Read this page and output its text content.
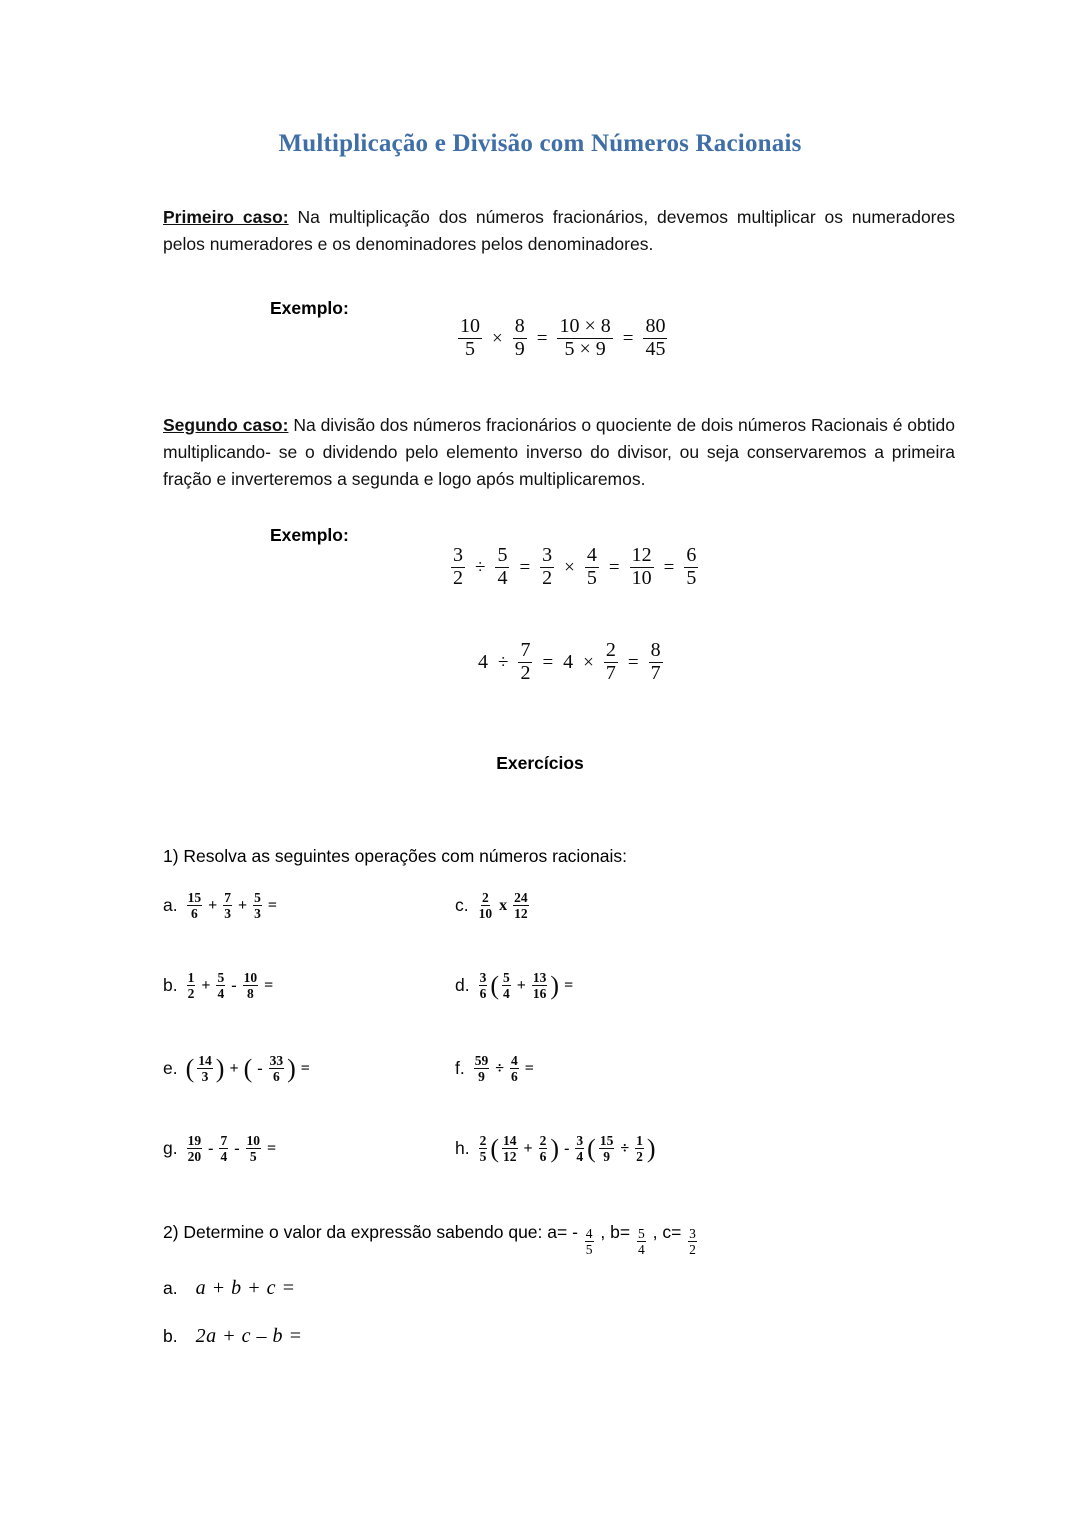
Multiplicação e Divisão com Números Racionais
Primeiro caso: Na multiplicação dos números fracionários, devemos multiplicar os numeradores pelos numeradores e os denominadores pelos denominadores.
Exemplo:
$\frac{10}{5} \times \frac{8}{9} = \frac{10 \times 8}{5 \times 9} = \frac{80}{45}$
Segundo caso: Na divisão dos números fracionários o quociente de dois números Racionais é obtido multiplicando- se o dividendo pelo elemento inverso do divisor, ou seja conservaremos a primeira fração e inverteremos a segunda e logo após multiplicaremos.
Exemplo:
$\frac{3}{2} \div \frac{5}{4} = \frac{3}{2} \times \frac{4}{5} = \frac{12}{10} = \frac{6}{5}$
$4 \div \frac{7}{2} = 4 \times \frac{2}{7} = \frac{8}{7}$
Exercícios
1) Resolva as seguintes operações com números racionais:
a. $\frac{15}{6} + \frac{7}{3} + \frac{5}{3}$ =	c. $\frac{2}{10}$ x $\frac{24}{12}$
b. $\frac{1}{2} + \frac{5}{4} - \frac{10}{8}$ =	d. $\frac{3}{6}$ ( $\frac{5}{4} + \frac{13}{16}$ ) =
e. ( $\frac{14}{3}$ ) + ( - $\frac{33}{6}$ ) =	f. $\frac{59}{9} \div \frac{4}{6}$ =
g. $\frac{19}{20} - \frac{7}{4} - \frac{10}{5}$ =	h. $\frac{2}{5}$ ( $\frac{14}{12} + \frac{2}{6}$ ) - $\frac{3}{4}$ ( $\frac{15}{9} \div \frac{1}{2}$ )
2) Determine o valor da expressão sabendo que: $a= - \frac{4}{5}$ , $b= \frac{5}{4}$ , $c= \frac{3}{2}$
a. a + b + c =
b. 2a + c – b =
